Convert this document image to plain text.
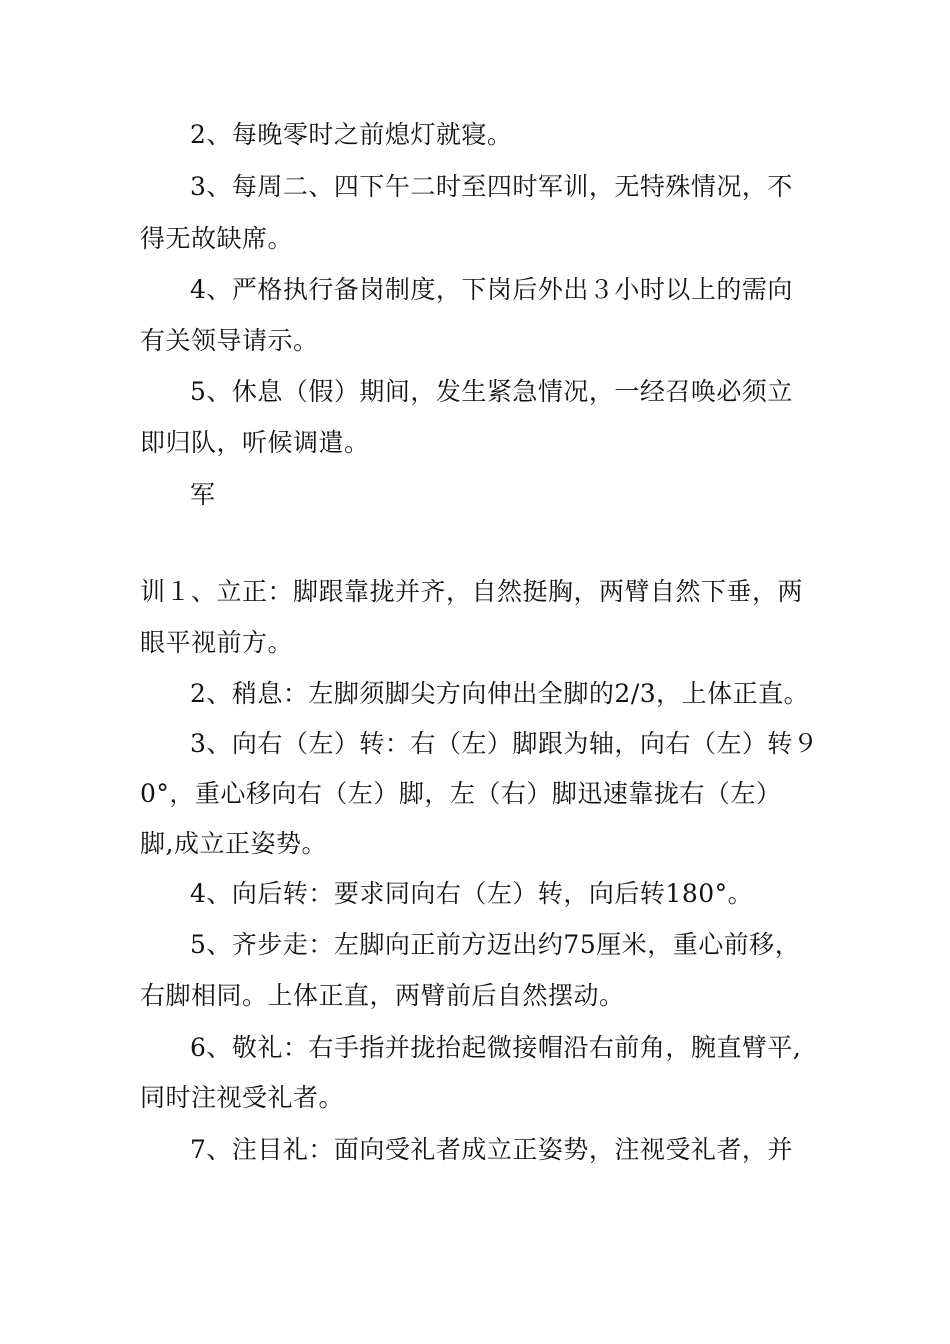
2、每晚零时之前熄灯就寝。
3、每周二、四下午二时至四时军训，无特殊情况，不
得无故缺席。
4、严格执行备岗制度，下岗后外出３小时以上的需向
有关领导请示。
5、休息（假）期间，发生紧急情况，一经召唤必须立
即归队，听候调遣。
军
训１、立正：脚跟靠拢并齐，自然挺胸，两臂自然下垂，两
眼平视前方。
2、稍息：左脚须脚尖方向伸出全脚的2/3，上体正直。
3、向右（左）转：右（左）脚跟为轴，向右（左）转９
0°，重心移向右（左）脚，左（右）脚迅速靠拢右（左）
脚,成立正姿势。
4、向后转：要求同向右（左）转，向后转180°。
5、齐步走：左脚向正前方迈出约75厘米，重心前移，
右脚相同。上体正直，两臂前后自然摆动。
6、敬礼：右手指并拢抬起微接帽沿右前角，腕直臂平,
同时注视受礼者。
7、注目礼：面向受礼者成立正姿势，注视受礼者，并
